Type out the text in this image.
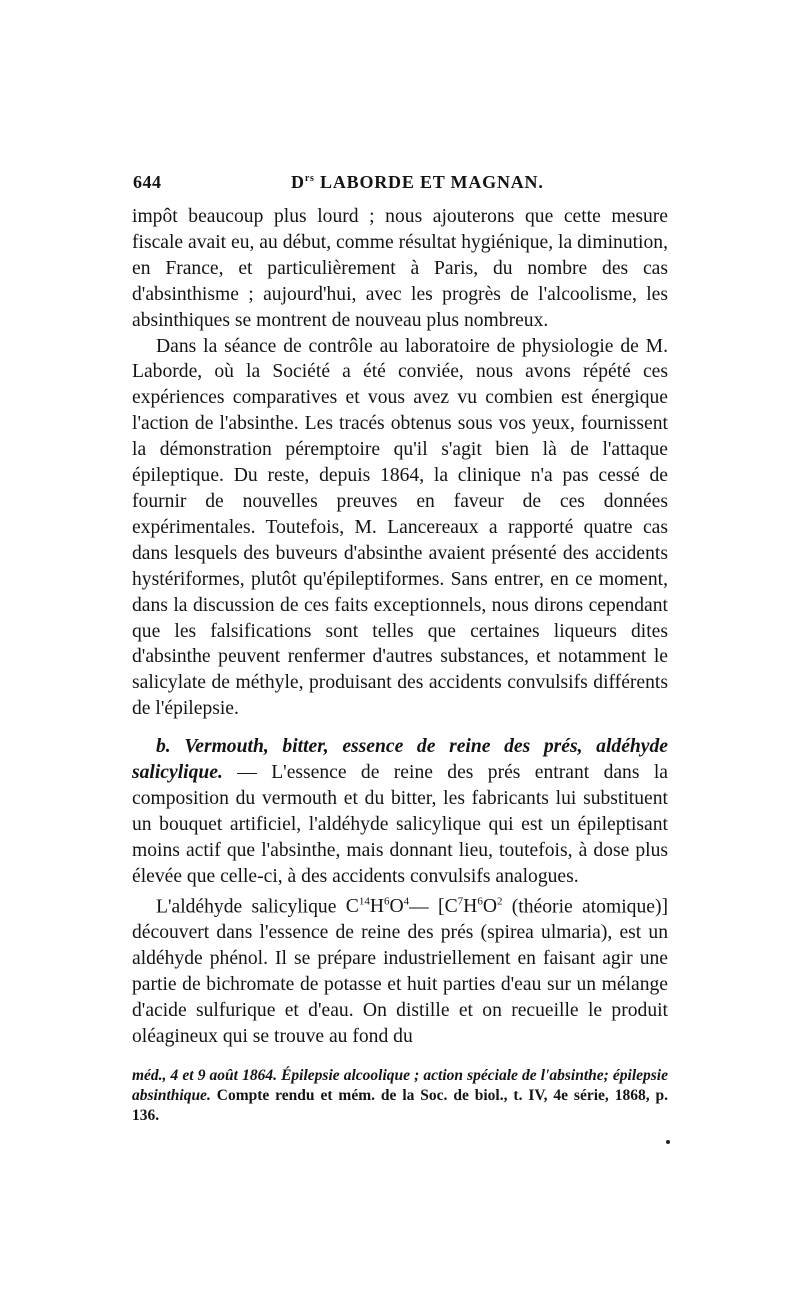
644	$D^{rs}$ LABORDE ET MAGNAN.

impôt beaucoup plus lourd ; nous ajouterons que cette mesure fiscale avait eu, au début, comme résultat hygiénique, la diminution, en France, et particulièrement à Paris, du nombre des cas d'absinthisme ; aujourd'hui, avec les progrès de l'alcoolisme, les absinthiques se montrent de nouveau plus nombreux.

Dans la séance de contrôle au laboratoire de physiologie de M. Laborde, où la Société a été conviée, nous avons répété ces expériences comparatives et vous avez vu combien est énergique l'action de l'absinthe. Les tracés obtenus sous vos yeux, fournissent la démonstration péremptoire qu'il s'agit bien là de l'attaque épileptique. Du reste, depuis 1864, la clinique n'a pas cessé de fournir de nouvelles preuves en faveur de ces données expérimentales. Toutefois, M. Lancereaux a rapporté quatre cas dans lesquels des buveurs d'absinthe avaient présenté des accidents hystériformes, plutôt qu'épileptiformes. Sans entrer, en ce moment, dans la discussion de ces faits exceptionnels, nous dirons cependant que les falsifications sont telles que certaines liqueurs dites d'absinthe peuvent renfermer d'autres substances, et notamment le salicylate de méthyle, produisant des accidents convulsifs différents de l'épilepsie.

b. Vermouth, bitter, essence de reine des prés, aldéhyde salicylique. — L'essence de reine des prés entrant dans la composition du vermouth et du bitter, les fabricants lui substituent un bouquet artificiel, l'aldéhyde salicylique qui est un épileptisant moins actif que l'absinthe, mais donnant lieu, toutefois, à dose plus élevée que celle-ci, à des accidents convulsifs analogues.

L'aldéhyde salicylique $C^{14}H^6O^4—$ [$C^7H^6O^2$ (théorie atomique)] découvert dans l'essence de reine des prés (spirea ulmaria), est un aldéhyde phénol. Il se prépare industriellement en faisant agir une partie de bichromate de potasse et huit parties d'eau sur un mélange d'acide sulfurique et d'eau. On distille et on recueille le produit oléagineux qui se trouve au fond du

méd., 4 et 9 août 1864. Épilepsie alcoolique ; action spéciale de l'absinthe; épilepsie absinthique. Compte rendu et mém. de la Soc. de biol., t. IV, 4e série, 1868, p. 136.
